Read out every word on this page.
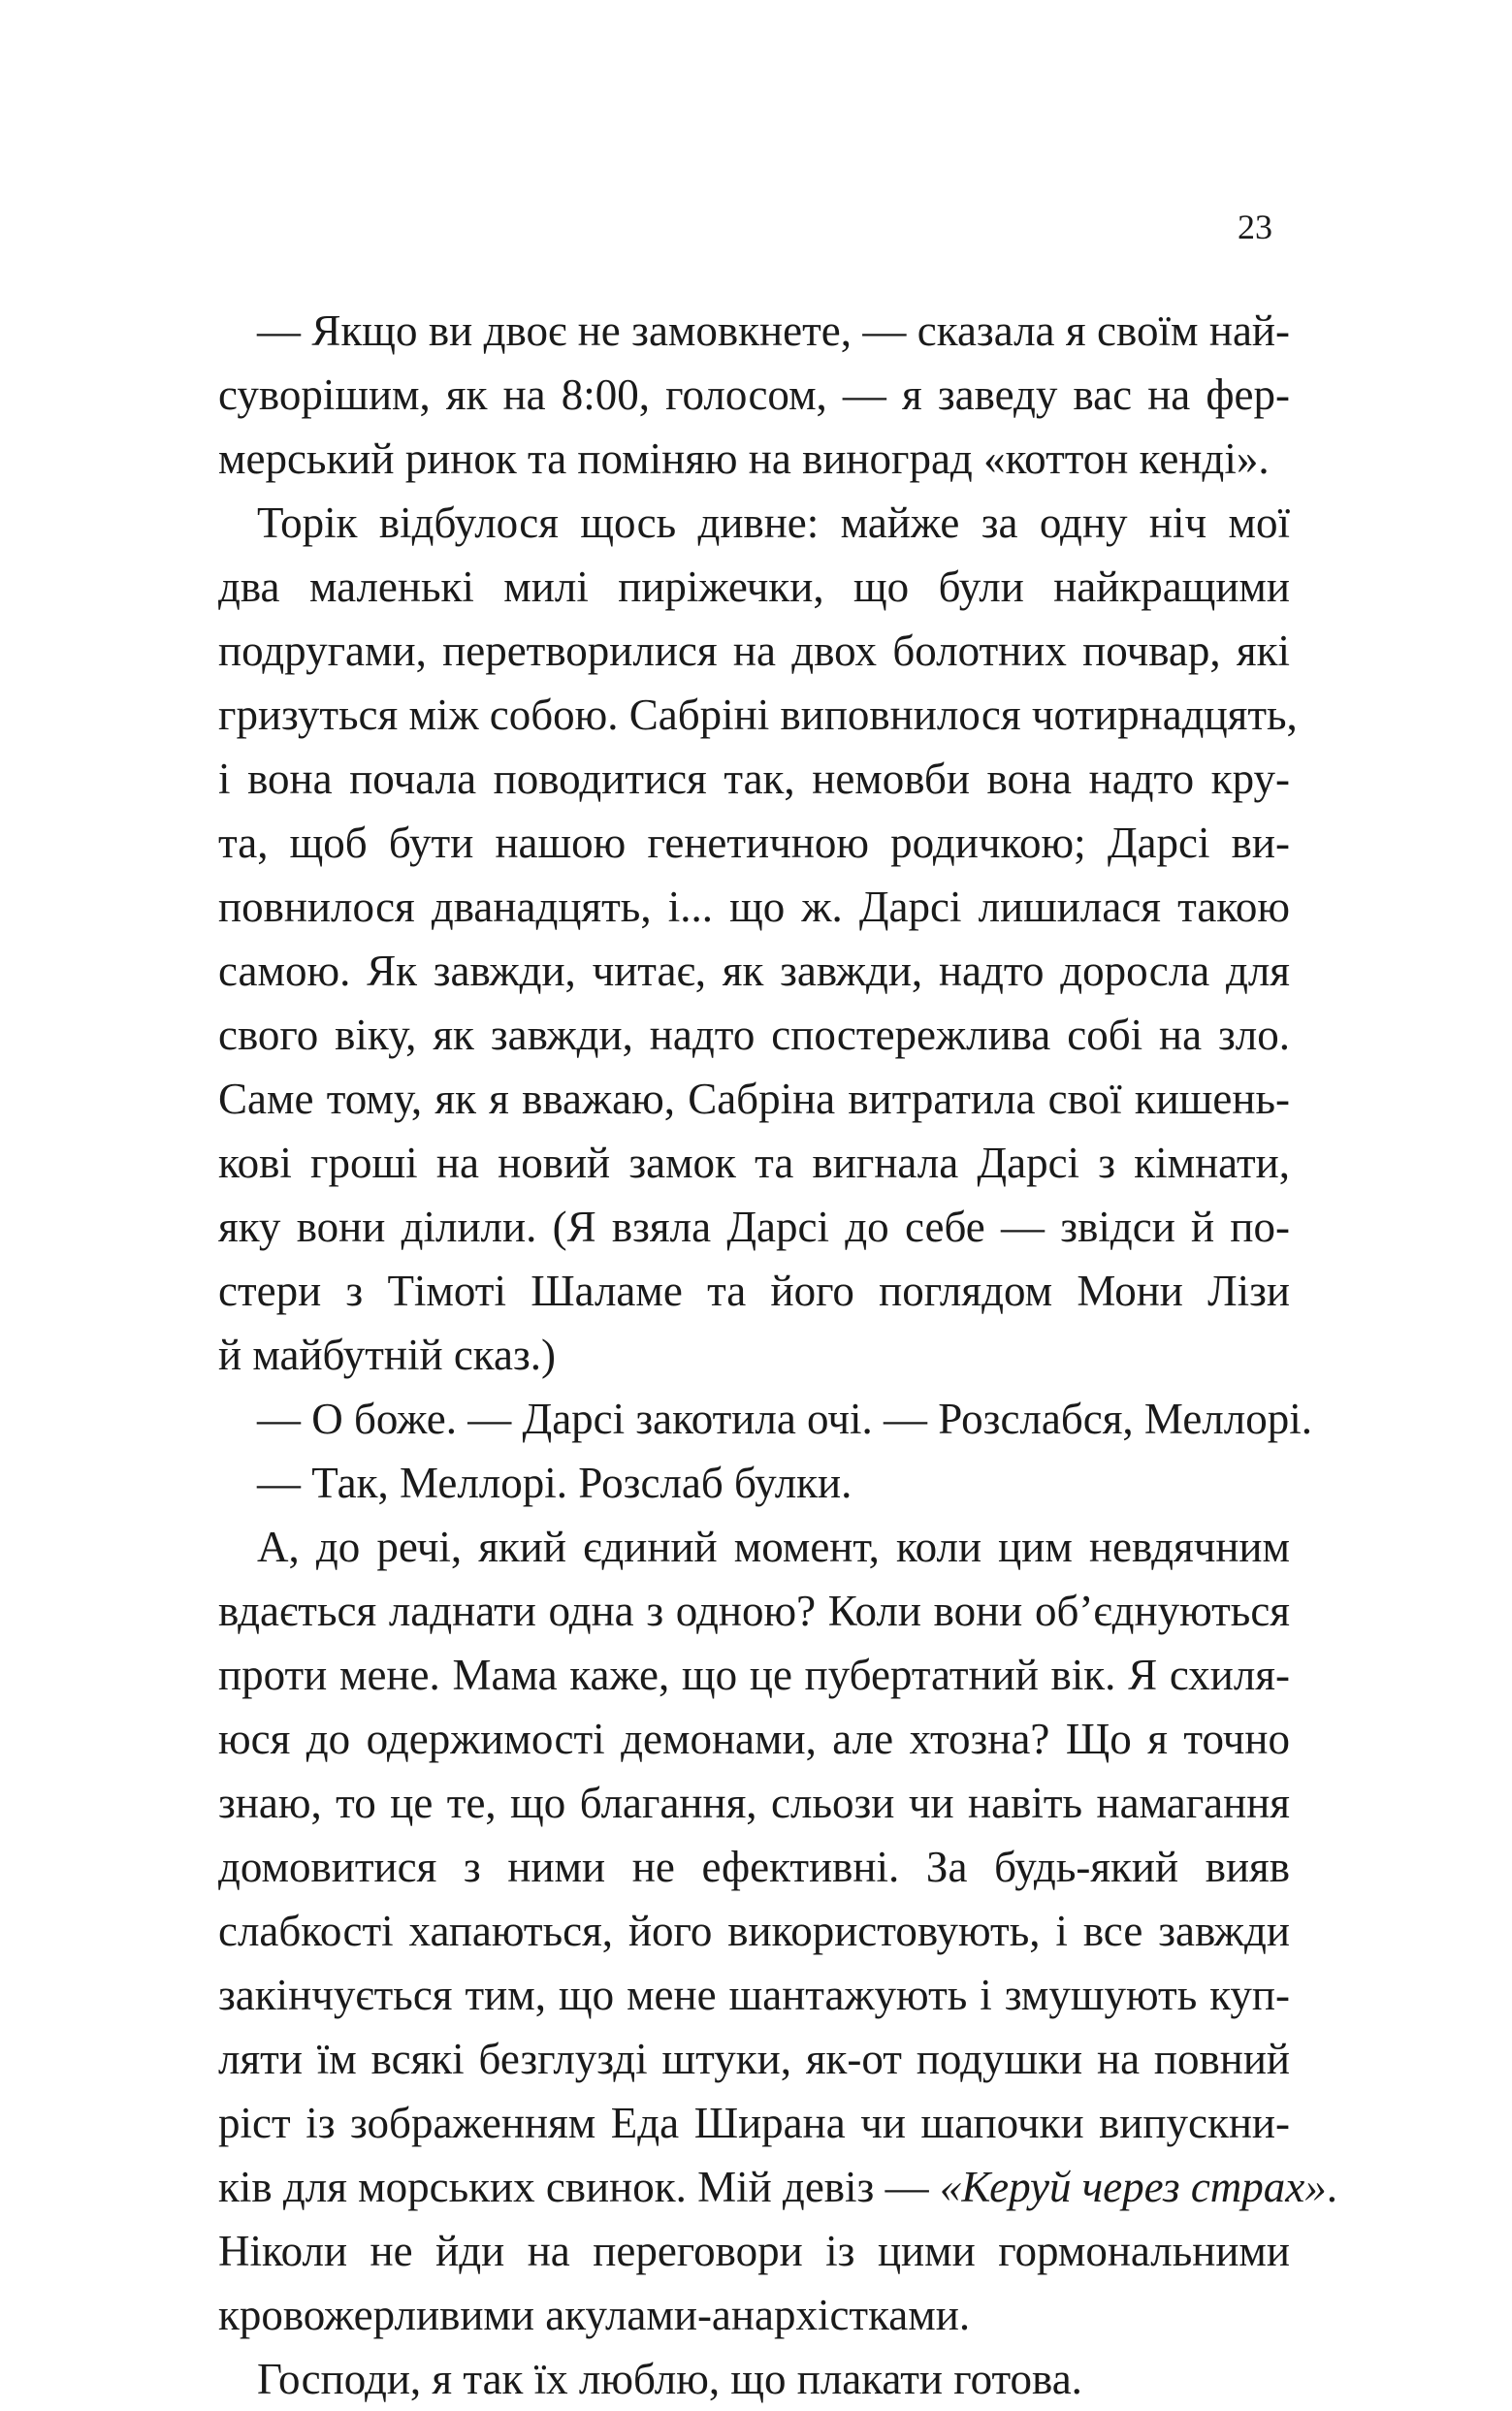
23
— Якщо ви двоє не замовкнете, — сказала я своїм най-
суворішим, як на 8:00, голосом, — я заведу вас на фер-
мерський ринок та поміняю на виноград «коттон кенді».
Торік відбулося щось дивне: майже за одну ніч мої
два маленькі милі пиріжечки, що були найкращими
подругами, перетворилися на двох болотних почвар, які
гризуться між собою. Сабріні виповнилося чотирнадцять,
і вона почала поводитися так, немовби вона надто кру-
та, щоб бути нашою генетичною родичкою; Дарсі ви-
повнилося дванадцять, і... що ж. Дарсі лишилася такою
самою. Як завжди, читає, як завжди, надто доросла для
свого віку, як завжди, надто спостережлива собі на зло.
Саме тому, як я вважаю, Сабріна витратила свої кишень-
кові гроші на новий замок та вигнала Дарсі з кімнати,
яку вони ділили. (Я взяла Дарсі до себе — звідси й по-
стери з Тімоті Шаламе та його поглядом Мони Лізи
й майбутній сказ.)
— О боже. — Дарсі закотила очі. — Розслабся, Меллорі.
— Так, Меллорі. Розслаб булки.
А, до речі, який єдиний момент, коли цим невдячним
вдається ладнати одна з одною? Коли вони об’єднуються
проти мене. Мама каже, що це пубертатний вік. Я схиля-
юся до одержимості демонами, але хтозна? Що я точно
знаю, то це те, що благання, сльози чи навіть намагання
домовитися з ними не ефективні. За будь-який вияв
слабкості хапаються, його використовують, і все завжди
закінчується тим, що мене шантажують і змушують куп-
ляти їм всякі безглузді штуки, як-от подушки на повний
ріст із зображенням Еда Ширана чи шапочки випускни-
ків для морських свинок. Мій девіз — «Керуй через страх».
Ніколи не йди на переговори із цими гормональними
кровожерливими акулами-анархістками.
Господи, я так їх люблю, що плакати готова.
